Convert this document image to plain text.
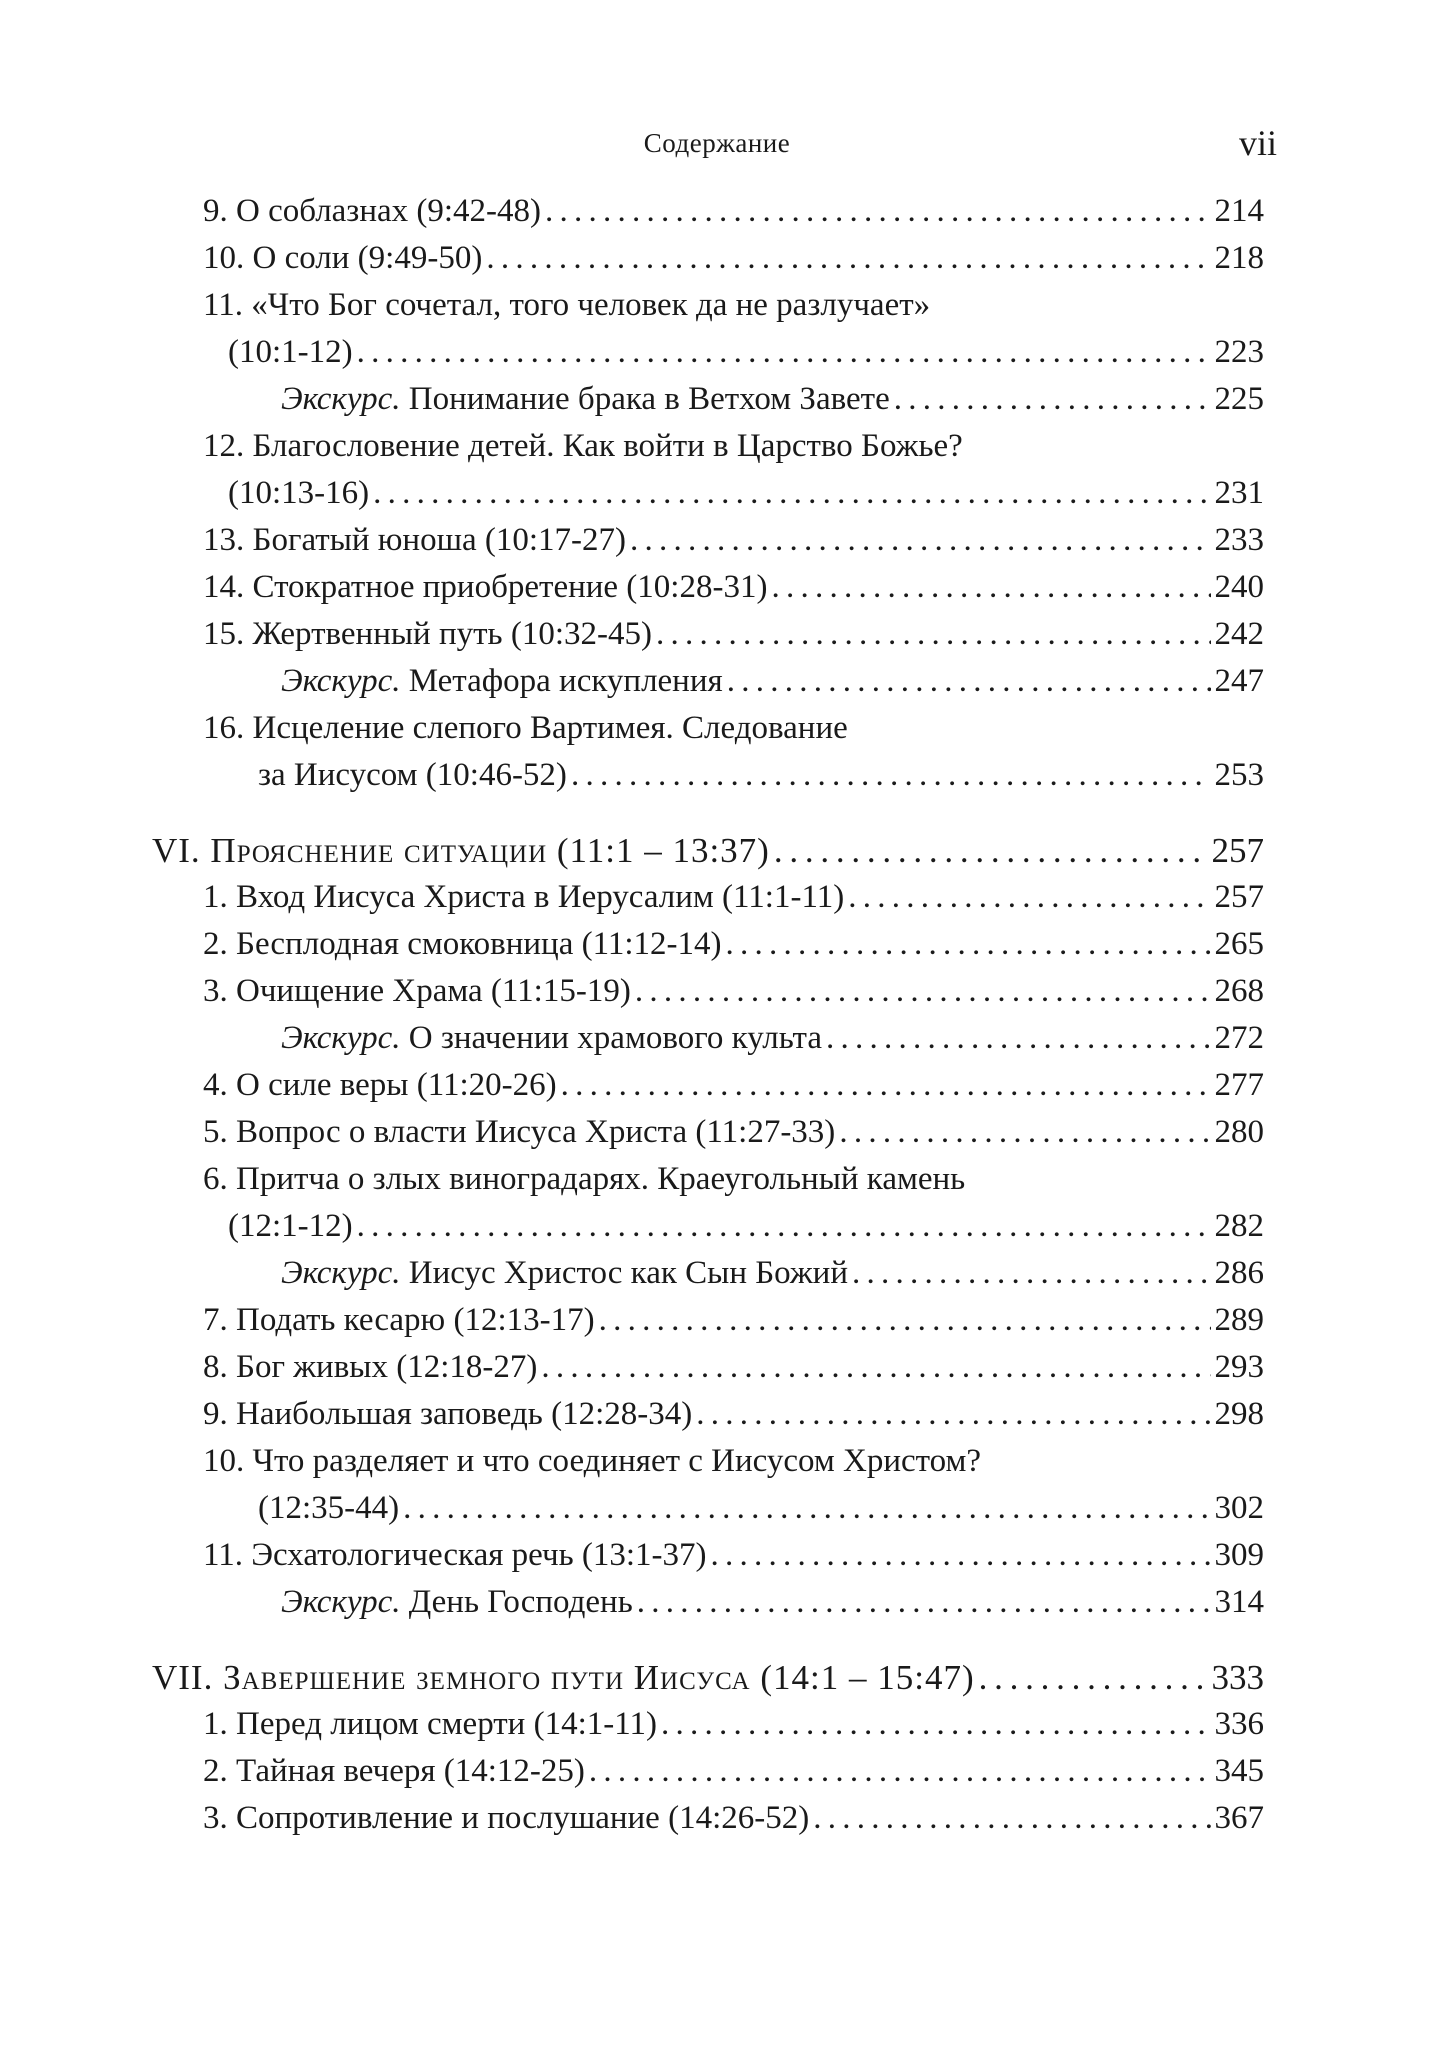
Содержание	vii
9. О соблазнах (9:42-48) . . .	214
10. О соли (9:49-50) . . .	218
11. «Что Бог сочетал, того человек да не разлучает»
(10:1-12) . . .	223
Экскурс. Понимание брака в Ветхом Завете . . .	225
12. Благословение детей. Как войти в Царство Божье?
(10:13-16) . . .	231
13. Богатый юноша (10:17-27) . . .	233
14. Стократное приобретение (10:28-31) . . .	240
15. Жертвенный путь (10:32-45) . . .	242
Экскурс. Метафора искупления . . .	247
16. Исцеление слепого Вартимея. Следование
за Иисусом (10:46-52) . . .	253
VI. Прояснение ситуации (11:1 – 13:37) . . .	257
1. Вход Иисуса Христа в Иерусалим (11:1-11) . . .	257
2. Бесплодная смоковница (11:12-14) . . .	265
3. Очищение Храма (11:15-19) . . .	268
Экскурс. О значении храмового культа . . .	272
4. О силе веры (11:20-26) . . .	277
5. Вопрос о власти Иисуса Христа (11:27-33) . . .	280
6. Притча о злых виноградарях. Краеугольный камень
(12:1-12) . . .	282
Экскурс. Иисус Христос как Сын Божий . . .	286
7. Подать кесарю (12:13-17) . . .	289
8. Бог живых (12:18-27) . . .	293
9. Наибольшая заповедь (12:28-34) . . .	298
10. Что разделяет и что соединяет с Иисусом Христом?
(12:35-44) . . .	302
11. Эсхатологическая речь (13:1-37) . . .	309
Экскурс. День Господень . . .	314
VII. Завершение земного пути Иисуса (14:1 – 15:47) . . .	333
1. Перед лицом смерти (14:1-11) . . .	336
2. Тайная вечеря (14:12-25) . . .	345
3. Сопротивление и послушание (14:26-52) . . .	367
